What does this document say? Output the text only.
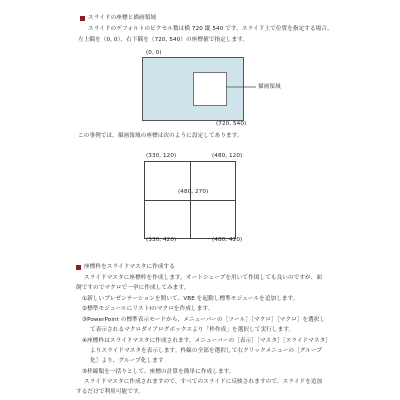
スライドの座標と描画領域
スライドのデフォルトのピクセル数は横 720 縦 540 です。スライド上で位置を指定する場合、
左上隅を（0, 0）、右下隅を（720, 540）の座標値で指定します。
(0, 0)
描画領域
(720, 540)
この事例では、描画領域の座標は次のように設定してあります。
(330, 120)	(480, 120)
(480, 270)
(330, 420)	(480, 420)
座標枠をスライドマスタに作成する
スライドマスタに座標枠を作成します。オートシェープを用いて作図しても良いのですが、面
倒ですのでマクロで一挙に作成してみます。
①新しいプレゼンテーションを開いて、VBE を起動し標準モジュールを追加します。
②標準モジュールにリストⅠのマクロを作成します。
③PowerPoint の標準表示モードから、メニューバーの［ツール］［マクロ］［マクロ］を選択し
て表示されるマクロダイアログボックスより「枠作成」を選択して実行します。
④座標枠はスライドマスタに作成されます。メニューバーの［表示］［マスタ］［スライドマスタ］
よりスライドマスタを表示します。枠線の全部を選択して右クリックメニューの［グループ
化］より、グループ化します
⑤枠線類を一括りとして、座標の計算を簡単に作成します。
スライドマスタに作成されますので、すべてのスライドに反映されますので、スライドを追加
するだけで利用可能です。
